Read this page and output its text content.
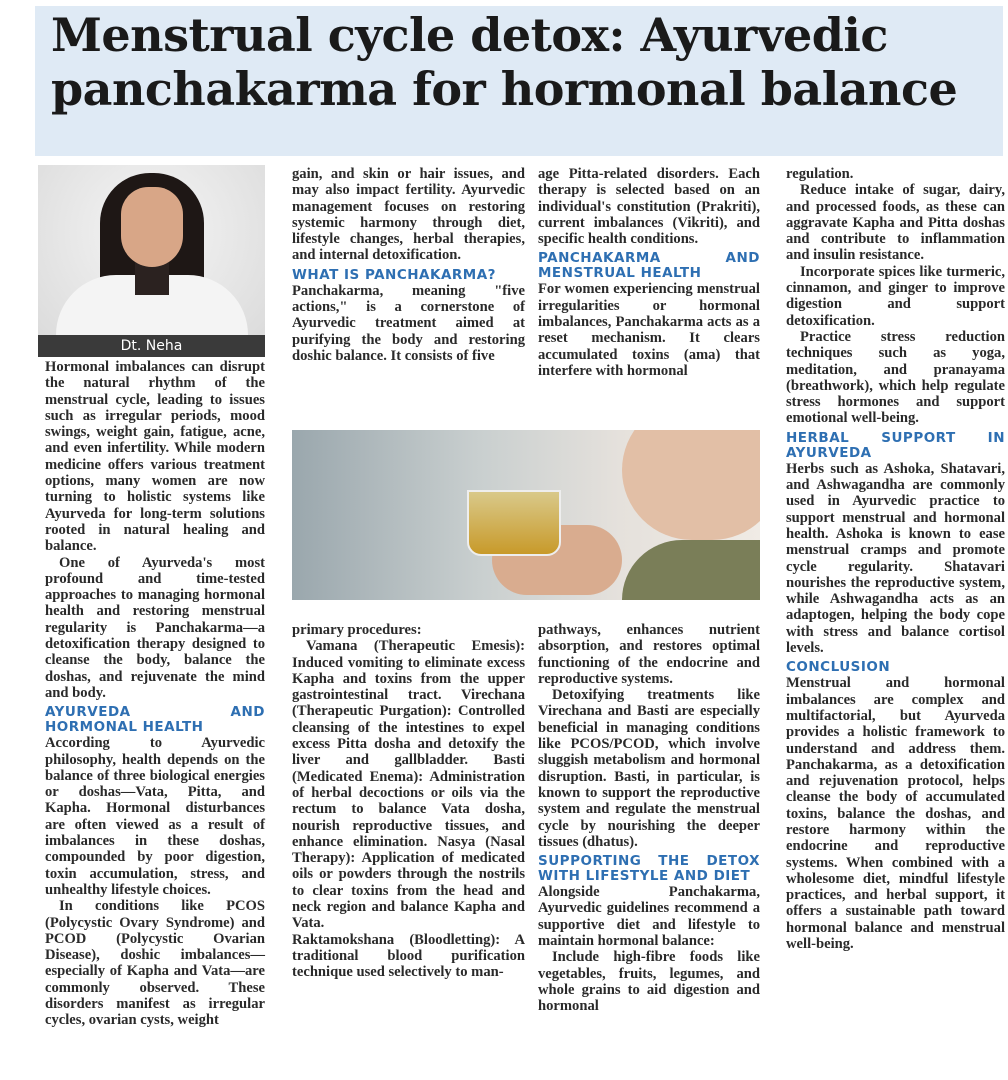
Menstrual cycle detox: Ayurvedic panchakarma for hormonal balance
Dt. Neha

Hormonal imbalances can disrupt the natural rhythm of the menstrual cycle, leading to issues such as irregular periods, mood swings, weight gain, fatigue, acne, and even infertility. While modern medicine offers various treatment options, many women are now turning to holistic systems like Ayurveda for long-term solutions rooted in natural healing and balance.

One of Ayurveda's most profound and time-tested approaches to managing hormonal health and restoring menstrual regularity is Panchakarma—a detoxification therapy designed to cleanse the body, balance the doshas, and rejuvenate the mind and body.

AYURVEDA AND HORMONAL HEALTH

According to Ayurvedic philosophy, health depends on the balance of three biological energies or doshas—Vata, Pitta, and Kapha. Hormonal disturbances are often viewed as a result of imbalances in these doshas, compounded by poor digestion, toxin accumulation, stress, and unhealthy lifestyle choices.

In conditions like PCOS (Polycystic Ovary Syndrome) and PCOD (Polycystic Ovarian Disease), doshic imbalances—especially of Kapha and Vata—are commonly observed. These disorders manifest as irregular cycles, ovarian cysts, weight

gain, and skin or hair issues, and may also impact fertility. Ayurvedic management focuses on restoring systemic harmony through diet, lifestyle changes, herbal therapies, and internal detoxification.

WHAT IS PANCHAKARMA?

Panchakarma, meaning "five actions," is a cornerstone of Ayurvedic treatment aimed at purifying the body and restoring doshic balance. It consists of five

primary procedures:

Vamana (Therapeutic Emesis): Induced vomiting to eliminate excess Kapha and toxins from the upper gastrointestinal tract. Virechana (Therapeutic Purgation): Controlled cleansing of the intestines to expel excess Pitta dosha and detoxify the liver and gallbladder. Basti (Medicated Enema): Administration of herbal decoctions or oils via the rectum to balance Vata dosha, nourish reproductive tissues, and enhance elimination. Nasya (Nasal Therapy): Application of medicated oils or powders through the nostrils to clear toxins from the head and neck region and balance Kapha and Vata.

Raktamokshana (Bloodletting): A traditional blood purification technique used selectively to man-

age Pitta-related disorders. Each therapy is selected based on an individual's constitution (Prakriti), current imbalances (Vikriti), and specific health conditions.

PANCHAKARMA AND MENSTRUAL HEALTH

For women experiencing menstrual irregularities or hormonal imbalances, Panchakarma acts as a reset mechanism. It clears accumulated toxins (ama) that interfere with hormonal

pathways, enhances nutrient absorption, and restores optimal functioning of the endocrine and reproductive systems.

Detoxifying treatments like Virechana and Basti are especially beneficial in managing conditions like PCOS/PCOD, which involve sluggish metabolism and hormonal disruption. Basti, in particular, is known to support the reproductive system and regulate the menstrual cycle by nourishing the deeper tissues (dhatus).

SUPPORTING THE DETOX WITH LIFESTYLE AND DIET

Alongside Panchakarma, Ayurvedic guidelines recommend a supportive diet and lifestyle to maintain hormonal balance:

Include high-fibre foods like vegetables, fruits, legumes, and whole grains to aid digestion and hormonal

regulation.

Reduce intake of sugar, dairy, and processed foods, as these can aggravate Kapha and Pitta doshas and contribute to inflammation and insulin resistance.

Incorporate spices like turmeric, cinnamon, and ginger to improve digestion and support detoxification.

Practice stress reduction techniques such as yoga, meditation, and pranayama (breathwork), which help regulate stress hormones and support emotional well-being.

HERBAL SUPPORT IN AYURVEDA

Herbs such as Ashoka, Shatavari, and Ashwagandha are commonly used in Ayurvedic practice to support menstrual and hormonal health. Ashoka is known to ease menstrual cramps and promote cycle regularity. Shatavari nourishes the reproductive system, while Ashwagandha acts as an adaptogen, helping the body cope with stress and balance cortisol levels.

CONCLUSION

Menstrual and hormonal imbalances are complex and multifactorial, but Ayurveda provides a holistic framework to understand and address them. Panchakarma, as a detoxification and rejuvenation protocol, helps cleanse the body of accumulated toxins, balance the doshas, and restore harmony within the endocrine and reproductive systems. When combined with a wholesome diet, mindful lifestyle practices, and herbal support, it offers a sustainable path toward hormonal balance and menstrual well-being.
